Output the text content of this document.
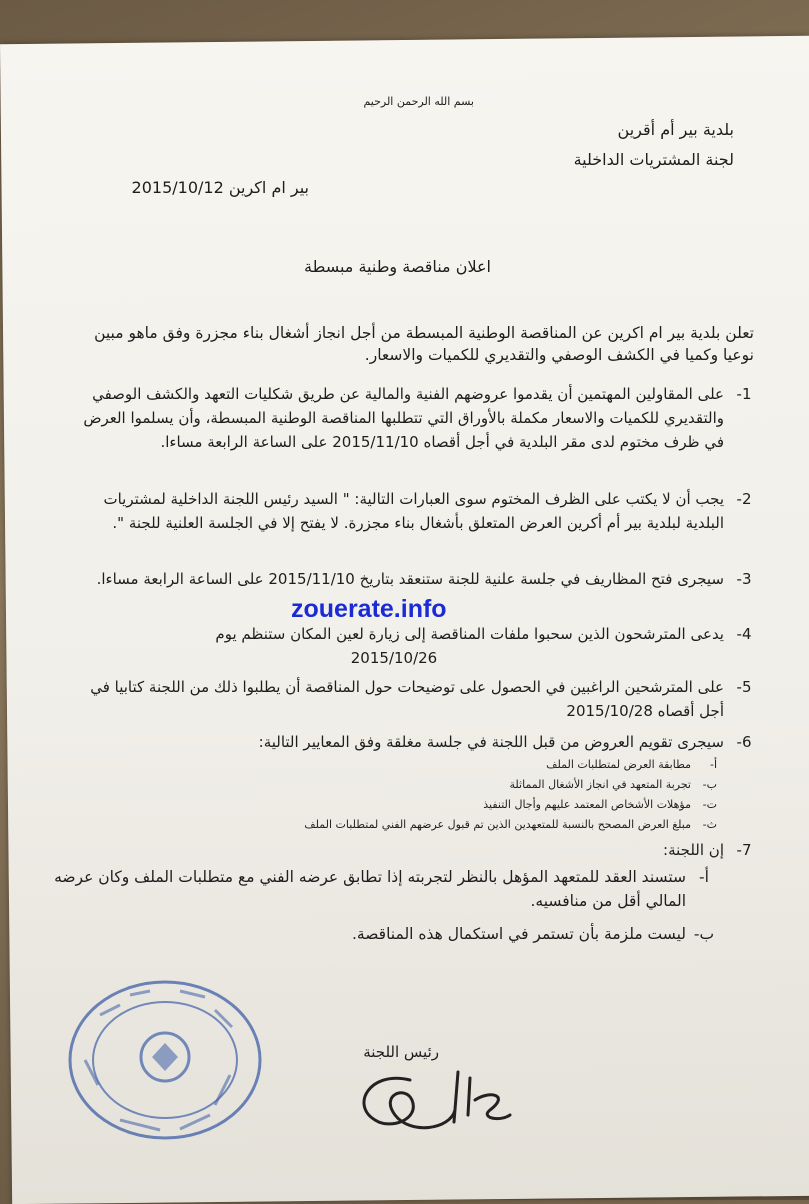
بسم الله الرحمن الرحيم
بلدية بير أم أقرين
لجنة المشتريات الداخلية
بير ام اكرين 2015/10/12
اعلان مناقصة وطنية مبسطة
تعلن بلدية بير ام اكرين عن المناقصة الوطنية المبسطة من أجل انجاز أشغال بناء مجزرة وفق ماهو مبين نوعيا وكميا في الكشف الوصفي والتقديري للكميات والاسعار.
1-
على المقاولين المهتمين أن يقدموا عروضهم الفنية والمالية عن طريق شكليات التعهد والكشف الوصفي والتقديري للكميات والاسعار مكملة بالأوراق التي تتطلبها المناقصة الوطنية المبسطة، وأن يسلموا العرض في ظرف مختوم لدى مقر البلدية في أجل أقصاه 2015/11/10 على الساعة الرابعة مساءا.
2-
يجب أن لا يكتب على الظرف المختوم سوى العبارات التالية: " السيد رئيس اللجنة الداخلية لمشتريات البلدية لبلدية بير أم أكرين العرض المتعلق بأشغال بناء مجزرة. لا يفتح إلا في الجلسة العلنية للجنة ".
3-
سيجرى فتح المظاريف في جلسة علنية للجنة ستنعقد بتاريخ 2015/11/10 على الساعة الرابعة مساءا.
4-
يدعى المترشحون الذين سحبوا ملفات المناقصة إلى زيارة لعين المكان ستنظم يوم
2015/10/26
5-
على المترشحين الراغبين في الحصول على توضيحات حول المناقصة أن يطلبوا ذلك من اللجنة كتابيا في أجل أقصاه 2015/10/28
6-
سيجرى تقويم العروض من قبل اللجنة في جلسة مغلقة وفق المعايير التالية:
أ-مطابقة العرض لمتطلبات الملف
ب-تجربة المتعهد في انجاز الأشغال المماثلة
ت-مؤهلات الأشخاص المعتمد عليهم وأجال التنفيذ
ث-مبلغ العرض المصحح بالنسبة للمتعهدين الذين تم قبول عرضهم الفني لمتطلبات الملف
7-
إن اللجنة:
أ-
ستسند العقد للمتعهد المؤهل بالنظر لتجربته إذا تطابق عرضه الفني مع متطلبات الملف وكان عرضه المالي أقل من منافسيه.
ب-
ليست ملزمة بأن تستمر في استكمال هذه المناقصة.
رئيس اللجنة
zouerate.info
